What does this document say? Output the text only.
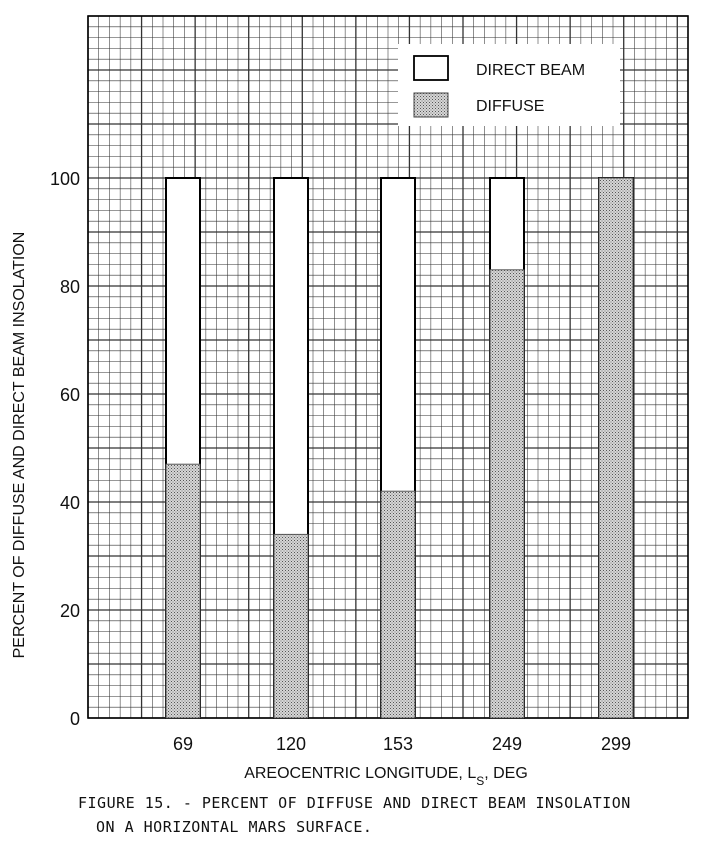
DIRECT BEAM
DIFFUSE
69	120	153	249	299
0
20
40
60
80
100
AREOCENTRIC LONGITUDE, $L_S$, DEG
PERCENT OF DIFFUSE AND DIRECT BEAM INSOLATION
FIGURE 15. - PERCENT OF DIFFUSE AND DIRECT BEAM INSOLATION
ON A HORIZONTAL MARS SURFACE.
